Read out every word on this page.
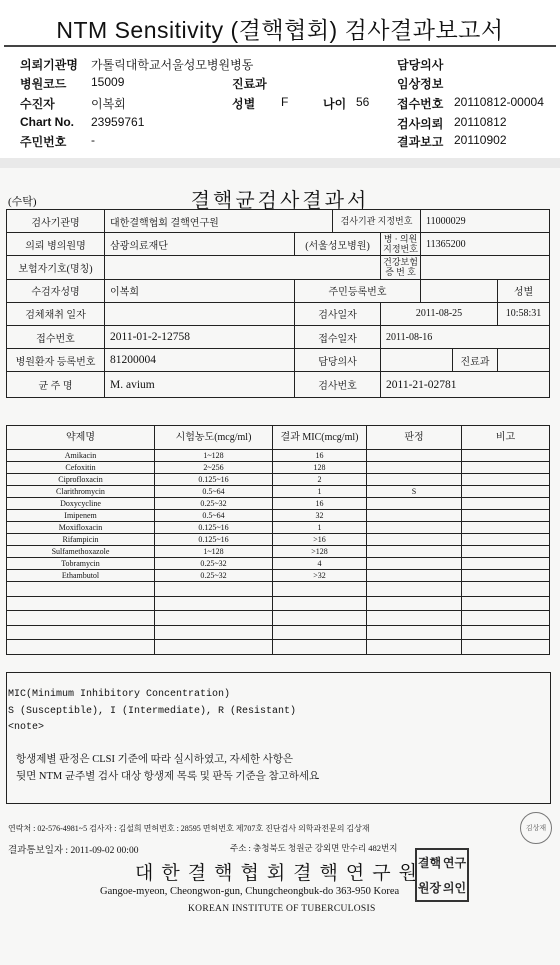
NTM Sensitivity (결핵협회) 검사결과보고서
의뢰기관명 가톨릭대학교서울성모병원병동
병원코드 15009
수진자	이복회
Chart No. 23959761
주민번호 -
진료과
성별 F	나이 56
담당의사
임상정보
접수번호 20110812-00004
검사의뢰 20110812
결과보고 20110902
(수탁)	결핵균검사결과서
검사기관명	대한결핵협회 결핵연구원		검사기관 지정번호		11000029		
의뢰 병의원명	삼광의료재단	(서울성모병원)		병 · 의원 지정번호	11365200		
보험자기호(명칭)				건강보험 증 번 호			
수검자성명	이복희	주민등록번호					성별
검체채취 일자		검사일자		2011-08-25			10:58:31
접수번호	2011-01-2-12758	접수일자		2011-08-16			
병원환자 등록번호	81200004	담당의사				진료과	
균 주 명	M. avium	검사번호		2011-21-02781			
약제명	시험농도(mcg/ml)	결과 MIC(mcg/ml)	판정	비고
Amikacin	1~128	16		
Cefoxitin	2~256	128		
Ciprofloxacin	0.125~16	2		
Clarithromycin	0.5~64	1	S	
Doxycycline	0.25~32	16		
Imipenem	0.5~64	32		
Moxifloxacin	0.125~16	1		
Rifampicin	0.125~16	>16		
Sulfamethoxazole	1~128	>128		
Tobramycin	0.25~32	4		
Ethambutol	0.25~32	>32		

MIC(Minimum Inhibitory Concentration)
S (Susceptible), I (Intermediate), R (Resistant)
<note>
항생제별 판정은 CLSI 기준에 따라 실시하였고, 자세한 사항은
뒷면 NTM 균주별 검사 대상 항생제 목록 및 판독 기준을 참고하세요
연락처 : 02-576-4981~5 검사자 : 김설희 면허번호 : 28595 면허번호 제707호 진단검사 의학과전문의 김상재	김상재
결과통보일자 : 2011-09-02 00:00	주소 : 충청북도 청원군 강외면 만수리 482번지
대한결핵협회결핵연구원
결핵 연구
원장 의인
Gangoe-myeon, Cheongwon-gun, Chungcheongbuk-do 363-950 Korea
KOREAN INSTITUTE OF TUBERCULOSIS
